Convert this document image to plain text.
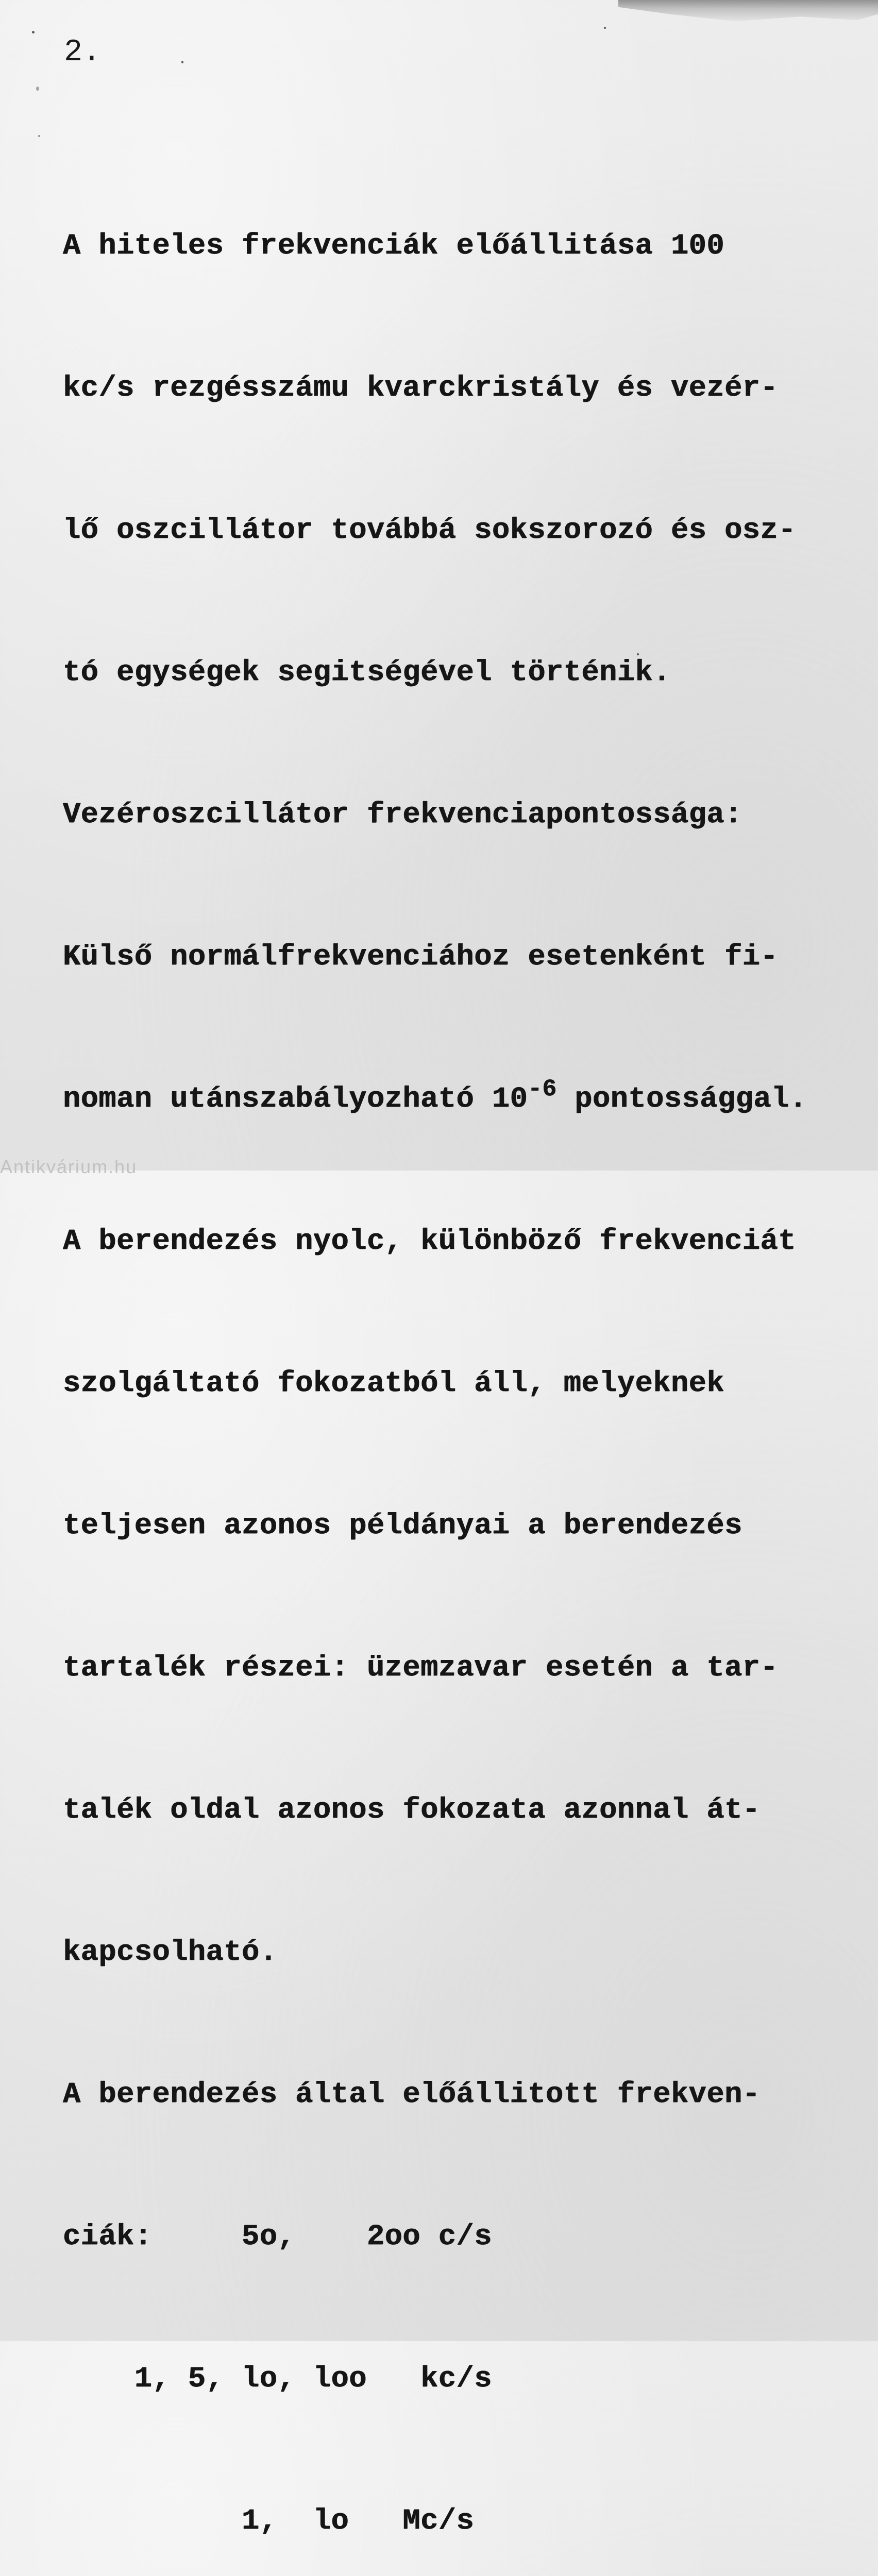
2.

A hiteles frekvenciák előállitása 100

kc/s rezgésszámu kvarckristály és vezér-

lő oszcillátor továbbá sokszorozó és osz-

tó egységek segitségével történik.

Vezéroszcillátor frekvenciapontossága:

Külső normálfrekvenciához esetenként fi-

noman utánszabályozható $10^{-6}$ pontossággal.

A berendezés nyolc, különböző frekvenciát

szolgáltató fokozatból áll, melyeknek

teljesen azonos példányai a berendezés

tartalék részei: üzemzavar esetén a tar-

talék oldal azonos fokozata azonnal át-

kapcsolható.

A berendezés által előállitott frekven-

ciák:     5o,    2oo c/s

1, 5, lo, loo   kc/s

1,  lo   Mc/s

Antikvárium.hu
